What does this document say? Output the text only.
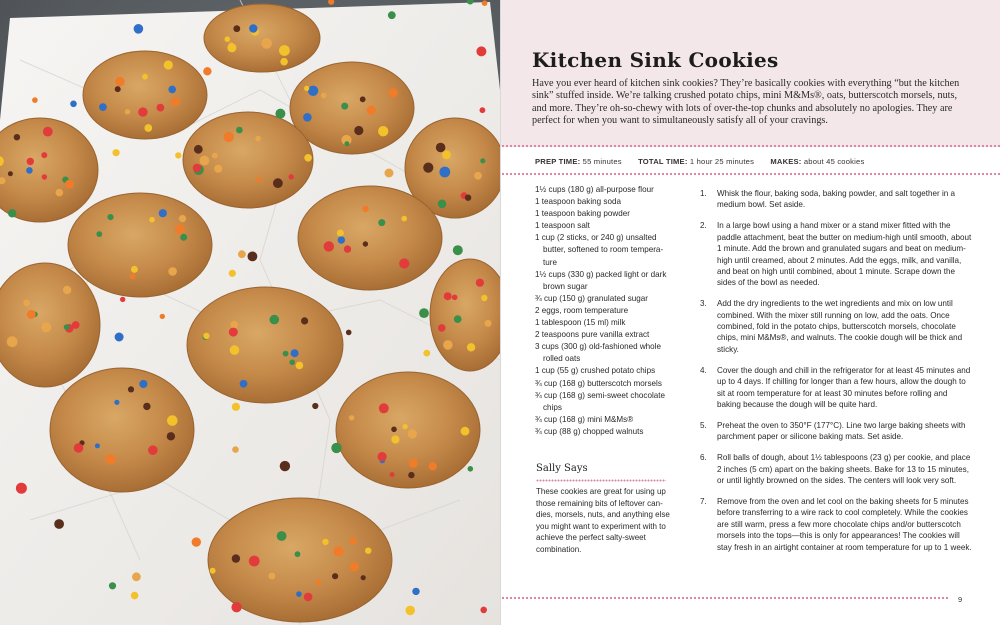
Kitchen Sink Cookies

Have you ever heard of kitchen sink cookies? They’re basically cookies with everything “but the kitchen sink” stuffed inside. We’re talking crushed potato chips, mini M&Ms®, oats, butterscotch morsels, nuts, and more. They’re oh-so-chewy with lots of over-the-top chunks and absolutely no apologies. They are perfect for when you want to simultaneously satisfy all of your cravings.

PREP TIME: 55 minutes TOTAL TIME: 1 hour 25 minutes MAKES: about 45 cookies
1½ cups (180 g) all-purpose flour
1 teaspoon baking soda
1 teaspoon baking powder
1 teaspoon salt
1 cup (2 sticks, or 240 g) unsalted butter, softened to room temperature
1½ cups (330 g) packed light or dark brown sugar
¾ cup (150 g) granulated sugar
2 eggs, room temperature
1 tablespoon (15 ml) milk
2 teaspoons pure vanilla extract
3 cups (300 g) old-fashioned whole rolled oats
1 cup (55 g) crushed potato chips
¾ cup (168 g) butterscotch morsels
¾ cup (168 g) semi-sweet chocolate chips
¾ cup (168 g) mini M&Ms®
¾ cup (88 g) chopped walnuts
Sally Says

These cookies are great for using up those remaining bits of leftover candies, morsels, nuts, and anything else you might want to experiment with to achieve the perfect salty-sweet combination.

1. Whisk the flour, baking soda, baking powder, and salt together in a medium bowl. Set aside.
2. In a large bowl using a hand mixer or a stand mixer fitted with the paddle attachment, beat the butter on medium-high until smooth, about 1 minute. Add the brown and granulated sugars and beat on medium-high until creamed, about 2 minutes. Add the eggs, milk, and vanilla, and beat on high until combined, about 1 minute. Scrape down the sides of the bowl as needed.
3. Add the dry ingredients to the wet ingredients and mix on low until combined. With the mixer still running on low, add the oats. Once combined, fold in the potato chips, butterscotch morsels, chocolate chips, mini M&Ms®, and walnuts. The cookie dough will be thick and sticky.
4. Cover the dough and chill in the refrigerator for at least 45 minutes and up to 4 days. If chilling for longer than a few hours, allow the dough to sit at room temperature for at least 30 minutes before rolling and baking because the dough will be quite hard.
5. Preheat the oven to 350°F (177°C). Line two large baking sheets with parchment paper or silicone baking mats. Set aside.
6. Roll balls of dough, about 1½ tablespoons (23 g) per cookie, and place 2 inches (5 cm) apart on the baking sheets. Bake for 13 to 15 minutes, or until lightly browned on the sides. The centers will look very soft.
7. Remove from the oven and let cool on the baking sheets for 5 minutes before transferring to a wire rack to cool completely. While the cookies are still warm, press a few more chocolate chips and/or butterscotch morsels into the tops—this is only for appearances! The cookies will stay fresh in an airtight container at room temperature for up to 1 week.
9
